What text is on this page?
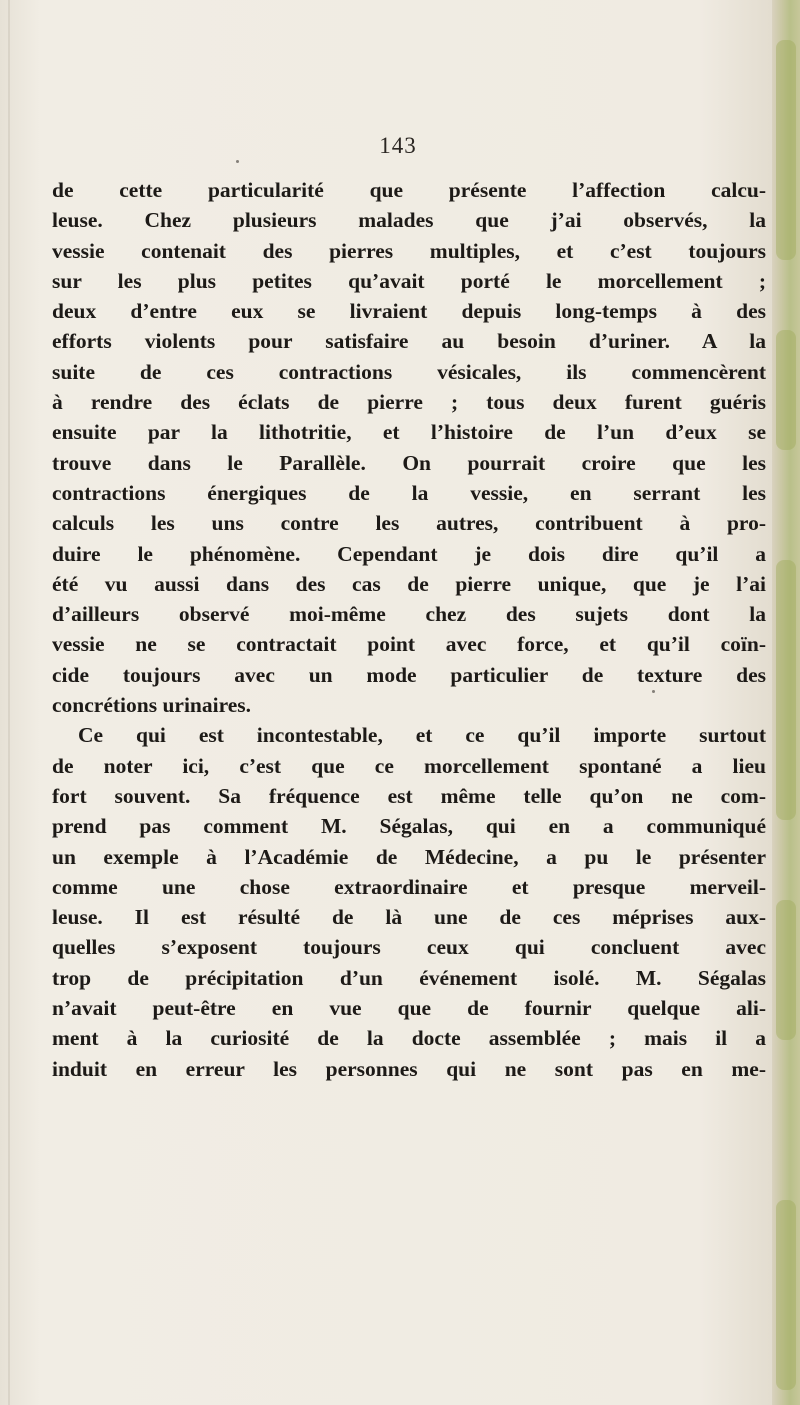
143
de cette particularité que présente l’affection calcu-
leuse. Chez plusieurs malades que j’ai observés, la
vessie contenait des pierres multiples, et c’est toujours
sur les plus petites qu’avait porté le morcellement ;
deux d’entre eux se livraient depuis long-temps à des
efforts violents pour satisfaire au besoin d’uriner. A la
suite de ces contractions vésicales, ils commencèrent
à rendre des éclats de pierre ; tous deux furent guéris
ensuite par la lithotritie, et l’histoire de l’un d’eux se
trouve dans le Parallèle. On pourrait croire que les
contractions énergiques de la vessie, en serrant les
calculs les uns contre les autres, contribuent à pro-
duire le phénomène. Cependant je dois dire qu’il a
été vu aussi dans des cas de pierre unique, que je l’ai
d’ailleurs observé moi-même chez des sujets dont la
vessie ne se contractait point avec force, et qu’il coïn-
cide toujours avec un mode particulier de texture des
concrétions urinaires.
Ce qui est incontestable, et ce qu’il importe surtout
de noter ici, c’est que ce morcellement spontané a lieu
fort souvent. Sa fréquence est même telle qu’on ne com-
prend pas comment M. Ségalas, qui en a communiqué
un exemple à l’Académie de Médecine, a pu le présenter
comme une chose extraordinaire et presque merveil-
leuse. Il est résulté de là une de ces méprises aux-
quelles s’exposent toujours ceux qui concluent avec
trop de précipitation d’un événement isolé. M. Ségalas
n’avait peut-être en vue que de fournir quelque ali-
ment à la curiosité de la docte assemblée ; mais il a
induit en erreur les personnes qui ne sont pas en me-
